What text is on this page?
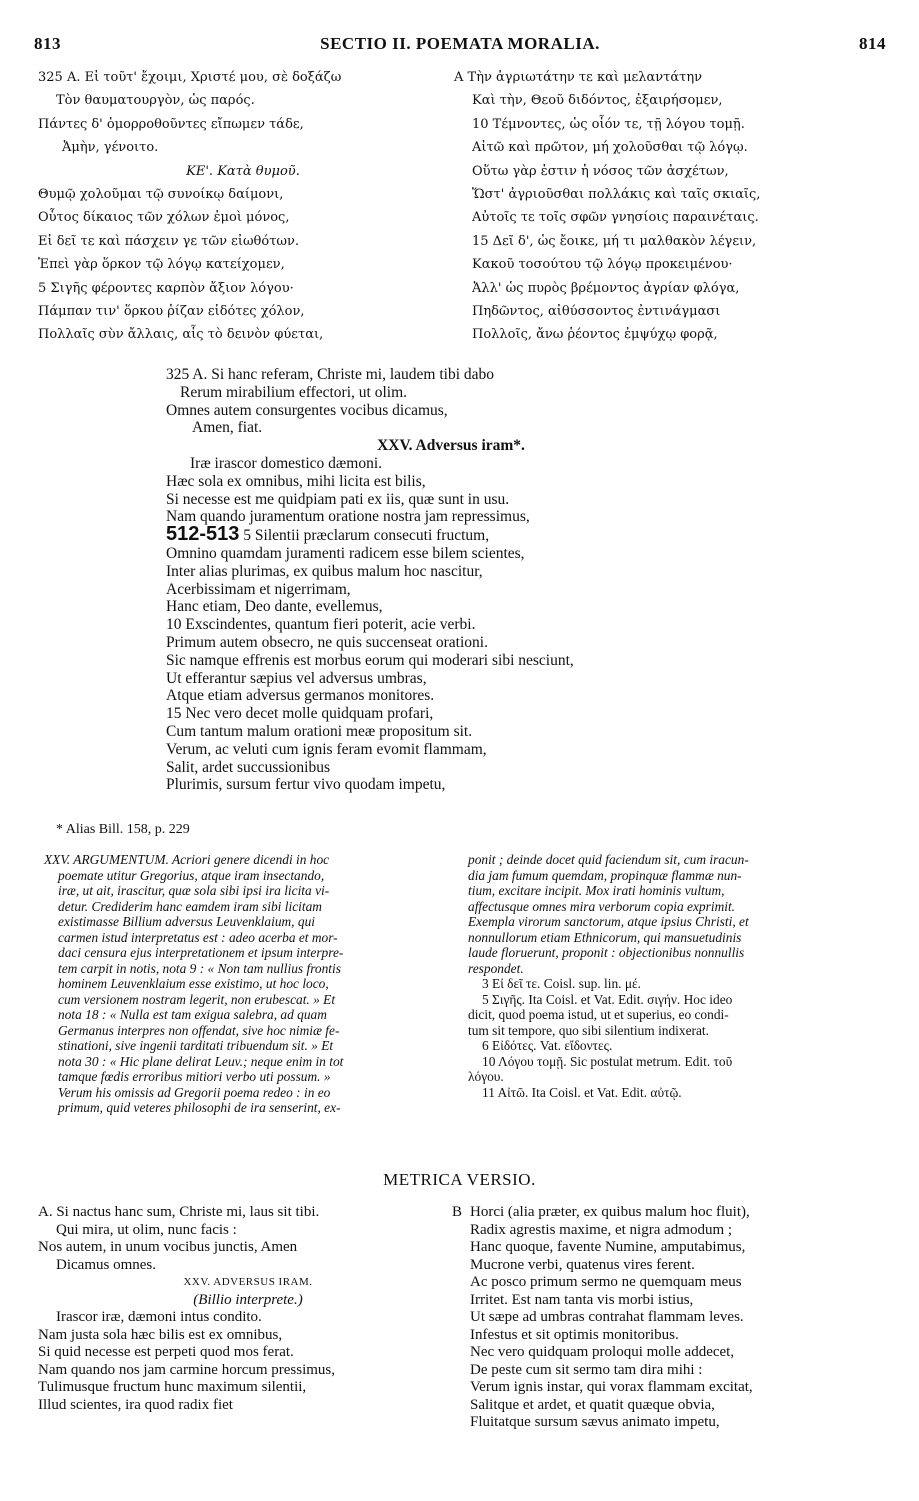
813	SECTIO II. POEMATA MORALIA.	814
325 A. Εἰ τοῦτ' ἔχοιμι, Χριστέ μου, σὲ δοξάζω
Τὸν θαυματουργὸν, ὡς παρός.
Πάντες δ' ὁμορροθοῦντες εἴπωμεν τάδε,
Ἀμὴν, γένοιτο.
ΚΕ'. Κατὰ θυμοῦ.
Θυμῷ χολοῦμαι τῷ συνοίκῳ δαίμονι,
Οὗτος δίκαιος τῶν χόλων ἐμοὶ μόνος,
Εἰ δεῖ τε καὶ πάσχειν γε τῶν εἰωθότων.
Ἐπεὶ γὰρ ὅρκον τῷ λόγῳ κατείχομεν,
5 Σιγῆς φέροντες καρπὸν ἄξιον λόγου·
Πάμπαν τιν' ὅρκου ῥίζαν εἰδότες χόλον,
Πολλαῖς σὺν ἄλλαις, αἷς τὸ δεινὸν φύεται,
A Τὴν ἀγριωτάτην τε καὶ μελαντάτην
Καὶ τὴν, Θεοῦ διδόντος, ἐξαιρήσομεν,
10 Τέμνοντες, ὡς οἷόν τε, τῇ λόγου τομῇ.
Αἰτῶ καὶ πρῶτον, μή χολοῦσθαι τῷ λόγῳ.
Οὕτω γὰρ ἐστιν ἡ νόσος τῶν ἀσχέτων,
Ὥστ' ἀγριοῦσθαι πολλάκις καὶ ταῖς σκιαῖς,
Αὐτοῖς τε τοῖς σφῶν γνησίοις παραινέταις.
15 Δεῖ δ', ὡς ἔοικε, μή τι μαλθακὸν λέγειν,
Κακοῦ τοσούτου τῷ λόγῳ προκειμένου·
Ἀλλ' ὡς πυρὸς βρέμοντος ἀγρίαν φλόγα,
Πηδῶντος, αἰθύσσοντος ἐντινάγμασι
Πολλοῖς, ἄνω ῥέοντος ἐμψύχῳ φορᾷ,
325 A. Si hanc referam, Christe mi, laudem tibi dabo
Rerum mirabilium effectori, ut olim.
Omnes autem consurgentes vocibus dicamus,
Amen, fiat.
XXV. Adversus iram*.
Iræ irascor domestico dæmoni.
Hæc sola ex omnibus, mihi licita est bilis,
Si necesse est me quidpiam pati ex iis, quæ sunt in usu.
Nam quando juramentum oratione nostra jam repressimus,
512-513 5 Silentii præclarum consecuti fructum,
Omnino quamdam juramenti radicem esse bilem scientes,
Inter alias plurimas, ex quibus malum hoc nascitur,
Acerbissimam et nigerrimam,
Hanc etiam, Deo dante, evellemus,
10 Exscindentes, quantum fieri poterit, acie verbi.
Primum autem obsecro, ne quis succenseat orationi.
Sic namque effrenis est morbus eorum qui moderari sibi nesciunt,
Ut efferantur sæpius vel adversus umbras,
Atque etiam adversus germanos monitores.
15 Nec vero decet molle quidquam profari,
Cum tantum malum orationi meæ propositum sit.
Verum, ac veluti cum ignis feram evomit flammam,
Salit, ardet succussionibus
Plurimis, sursum fertur vivo quodam impetu,
* Alias Bill. 158, p. 229
XXV. ARGUMENTUM. Acriori genere dicendi in hoc
poemate utitur Gregorius, atque iram insectando,
iræ, ut ait, irascitur, quæ sola sibi ipsi ira licita vi-
detur. Crediderim hanc eamdem iram sibi licitam
existimasse Billium adversus Leuvenklaium, qui
carmen istud interpretatus est : adeo acerba et mor-
daci censura ejus interpretationem et ipsum interpre-
tem carpit in notis, nota 9 : « Non tam nullius frontis
hominem Leuvenklaium esse existimo, ut hoc loco,
cum versionem nostram legerit, non erubescat. » Et
nota 18 : « Nulla est tam exigua salebra, ad quam
Germanus interpres non offendat, sive hoc nimiæ fe-
stinationi, sive ingenii tarditati tribuendum sit. » Et
nota 30 : « Hic plane delirat Leuv.; neque enim in tot
tamque fœdis erroribus mitiori verbo uti possum. »
Verum his omissis ad Gregorii poema redeo : in eo
primum, quid veteres philosophi de ira senserint, ex-
ponit ; deinde docet quid faciendum sit, cum iracun-
dia jam fumum quemdam, propinquæ flammæ nun-
tium, excitare incipit. Mox irati hominis vultum,
affectusque omnes mira verborum copia exprimit.
Exempla virorum sanctorum, atque ipsius Christi, et
nonnullorum etiam Ethnicorum, qui mansuetudinis
laude floruerunt, proponit : objectionibus nonnullis
respondet.
3 Εἰ δεῖ τε. Coisl. sup. lin. μέ.
5 Σιγῆς. Ita Coisl. et Vat. Edit. σιγήν. Hoc ideo
dicit, quod poema istud, ut et superius, eo condi-
tum sit tempore, quo sibi silentium indixerat.
6 Εἰδότες. Vat. εἴδοντες.
10 Λόγου τομῇ. Sic postulat metrum. Edit. τοῦ
λόγου.
11 Αἰτῶ. Ita Coisl. et Vat. Edit. αὐτῷ.
METRICA VERSIO.
A. Si nactus hanc sum, Christe mi, laus sit tibi.
Qui mira, ut olim, nunc facis :
Nos autem, in unum vocibus junctis, Amen
Dicamus omnes.
XXV. ADVERSUS IRAM.
(Billio interprete.)
Irascor iræ, dæmoni intus condito.
Nam justa sola hæc bilis est ex omnibus,
Si quid necesse est perpeti quod mos ferat.
Nam quando nos jam carmine horcum pressimus,
Tulimusque fructum hunc maximum silentii,
Illud scientes, ira quod radix fiet
B Horci (alia præter, ex quibus malum hoc fluit),
Radix agrestis maxime, et nigra admodum ;
Hanc quoque, favente Numine, amputabimus,
Mucrone verbi, quatenus vires ferent.
Ac posco primum sermo ne quemquam meus
Irritet. Est nam tanta vis morbi istius,
Ut sæpe ad umbras contrahat flammam leves.
Infestus et sit optimis monitoribus.
Nec vero quidquam proloqui molle addecet,
De peste cum sit sermo tam dira mihi :
Verum ignis instar, qui vorax flammam excitat,
Salitque et ardet, et quatit quæque obvia,
Fluitatque sursum sævus animato impetu,
